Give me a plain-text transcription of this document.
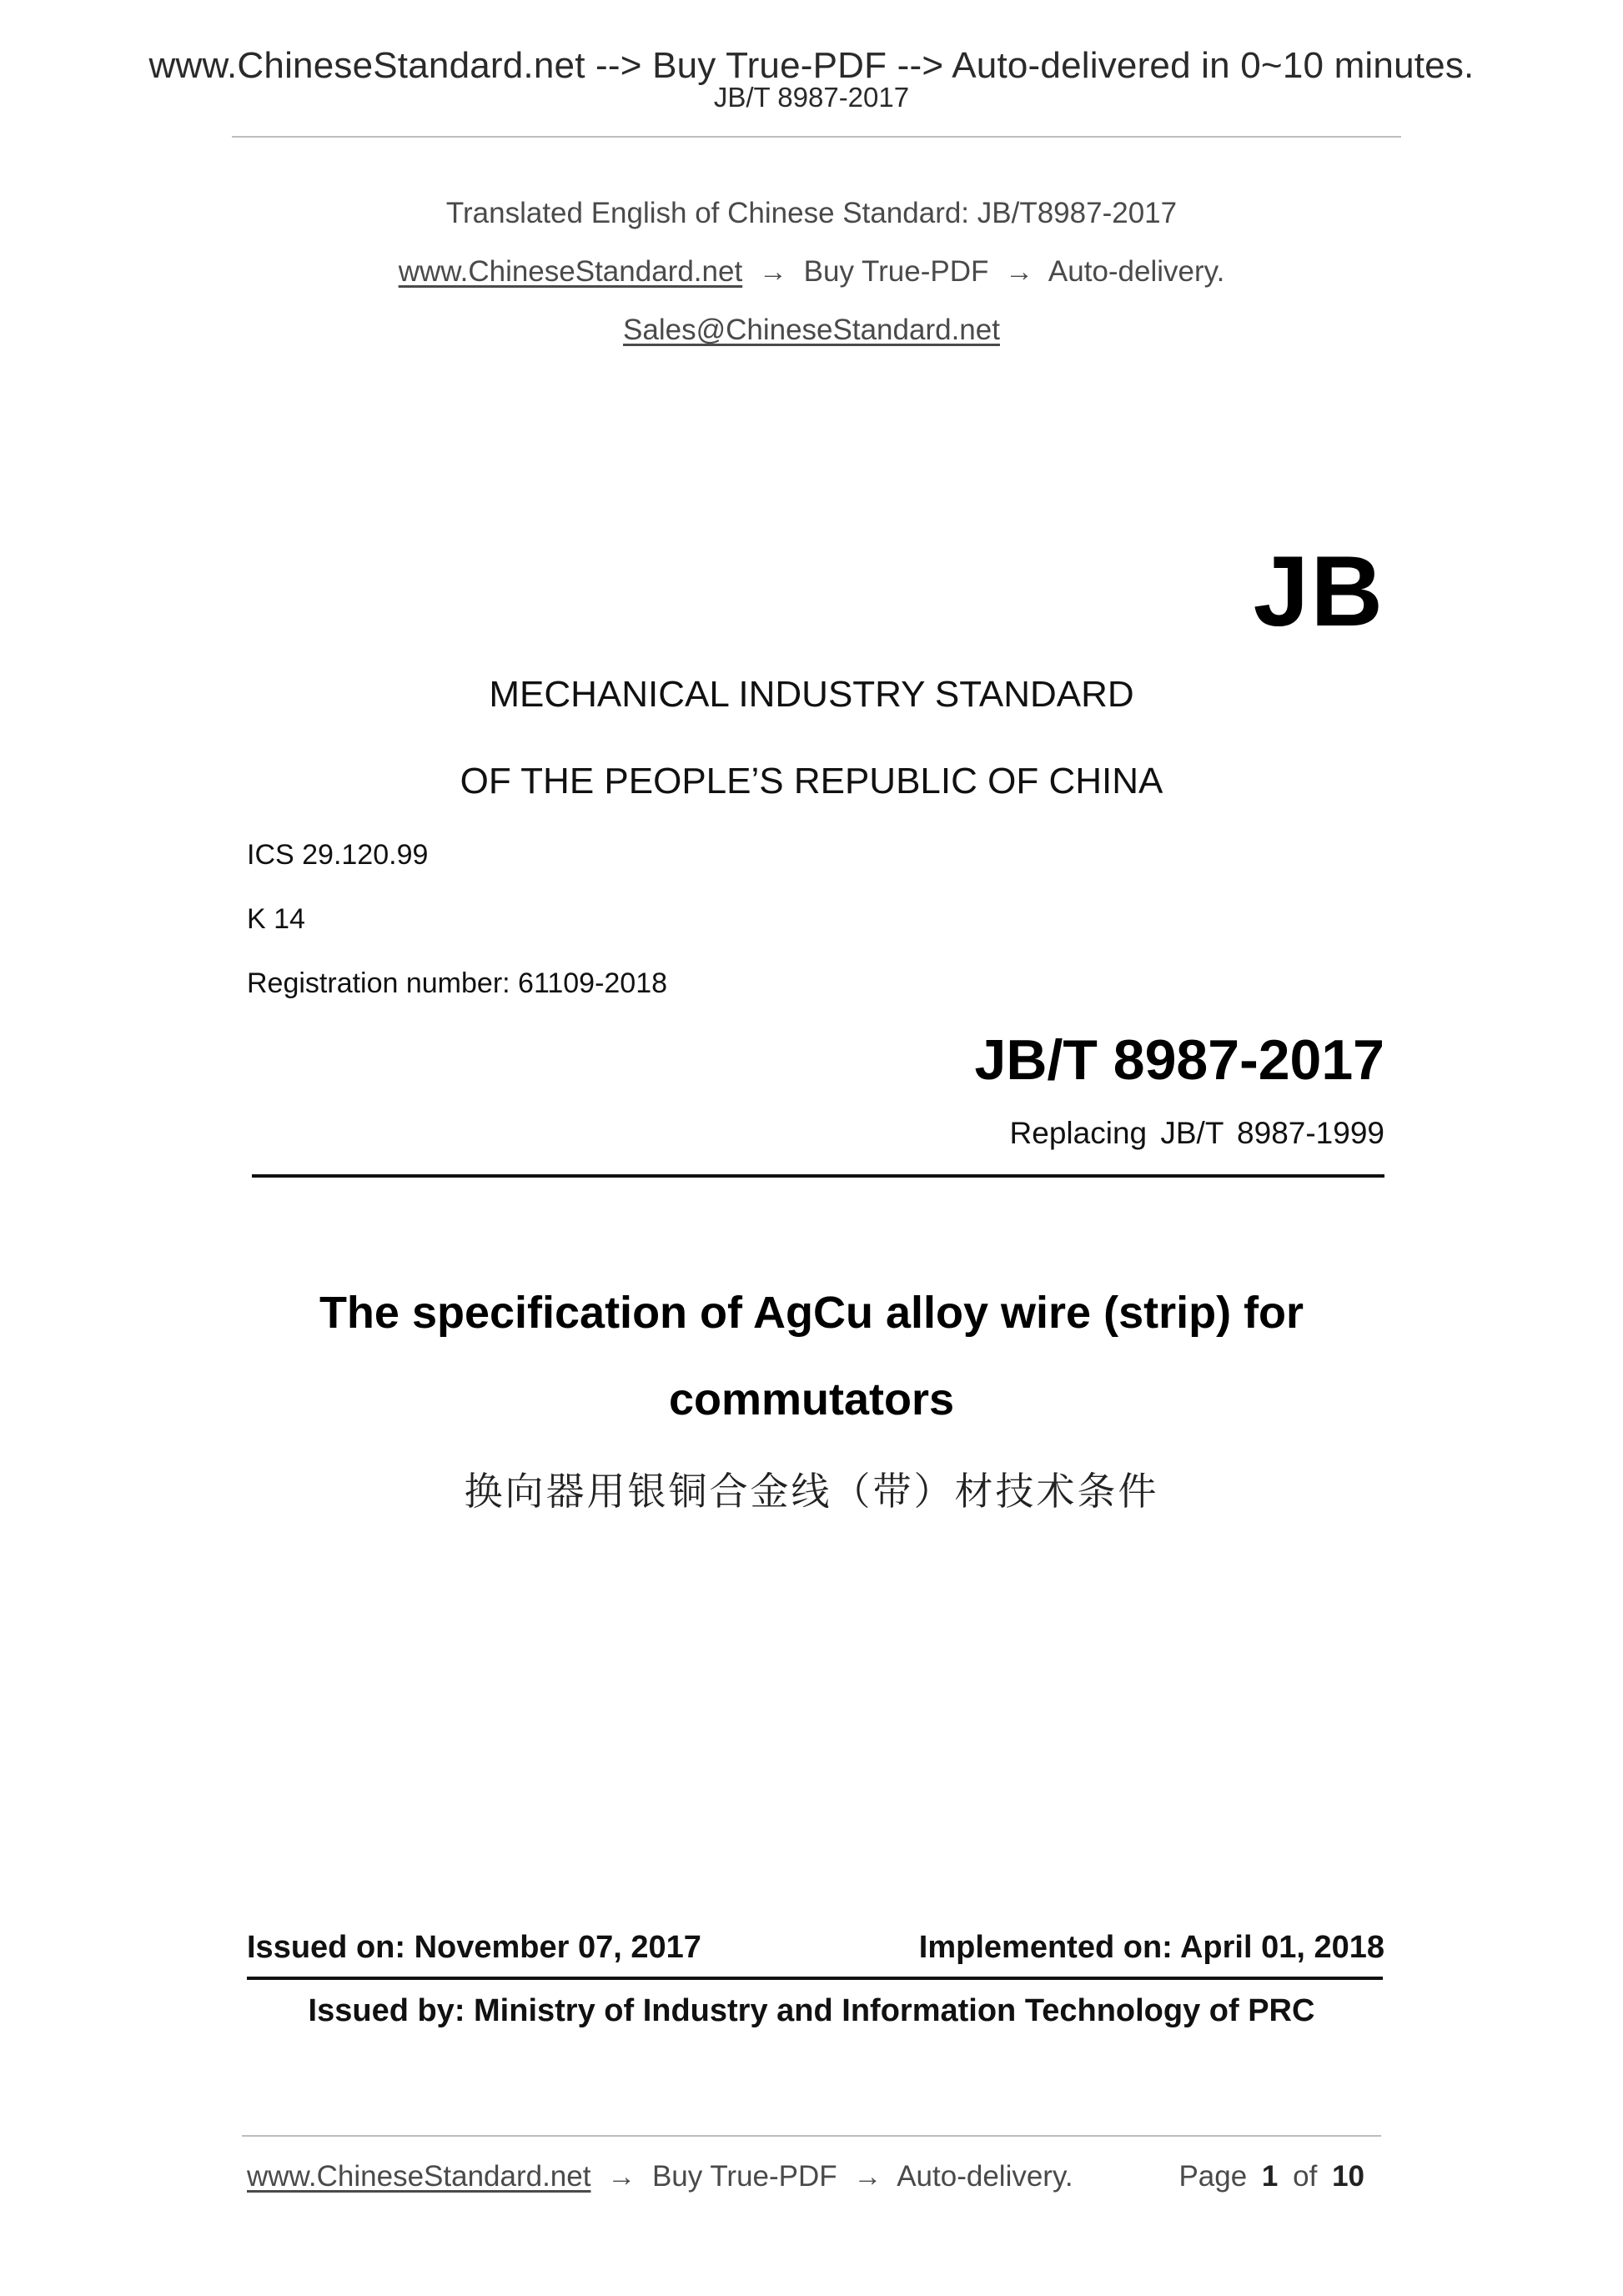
www.ChineseStandard.net --> Buy True-PDF --> Auto-delivered in 0~10 minutes.
JB/T 8987-2017
Translated English of Chinese Standard: JB/T8987-2017
www.ChineseStandard.net → Buy True-PDF → Auto-delivery.
Sales@ChineseStandard.net
JB
MECHANICAL INDUSTRY STANDARD
OF THE PEOPLE’S REPUBLIC OF CHINA
ICS 29.120.99
K 14
Registration number: 61109-2018
JB/T 8987-2017
Replacing JB/T 8987-1999
The specification of AgCu alloy wire (strip) for
commutators
换向器用银铜合金线（带）材技术条件
Issued on: November 07, 2017	Implemented on: April 01, 2018
Issued by: Ministry of Industry and Information Technology of PRC
www.ChineseStandard.net → Buy True-PDF → Auto-delivery.	Page 1 of 10
